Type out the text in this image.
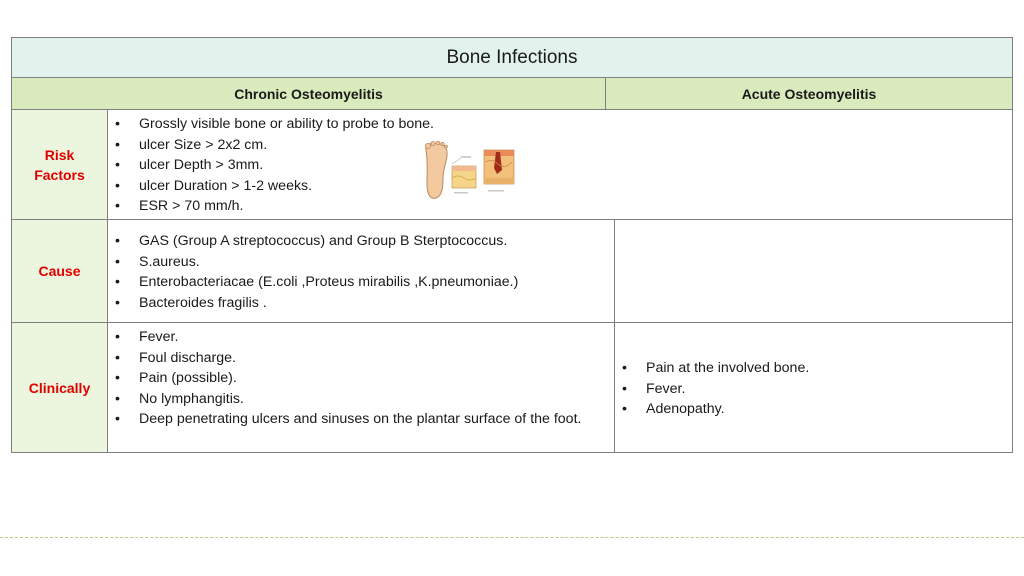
Bone Infections
Chronic Osteomyelitis	Acute Osteomyelitis
Risk
Factors
• Grossly visible bone or ability to probe to bone.
• ulcer Size > 2x2 cm.
• ulcer Depth > 3mm.
• ulcer Duration > 1-2 weeks.
• ESR > 70 mm/h.
Cause
• GAS (Group A streptococcus) and Group B Sterptococcus.
• S.aureus.
• Enterobacteriacae (E.coli ,Proteus mirabilis ,K.pneumoniae.)
• Bacteroides fragilis .
Clinically
• Fever.
• Foul discharge.
• Pain (possible).
• No lymphangitis.
• Deep penetrating ulcers and sinuses on the plantar surface of the foot.
• Pain at the involved bone.
• Fever.
• Adenopathy.
